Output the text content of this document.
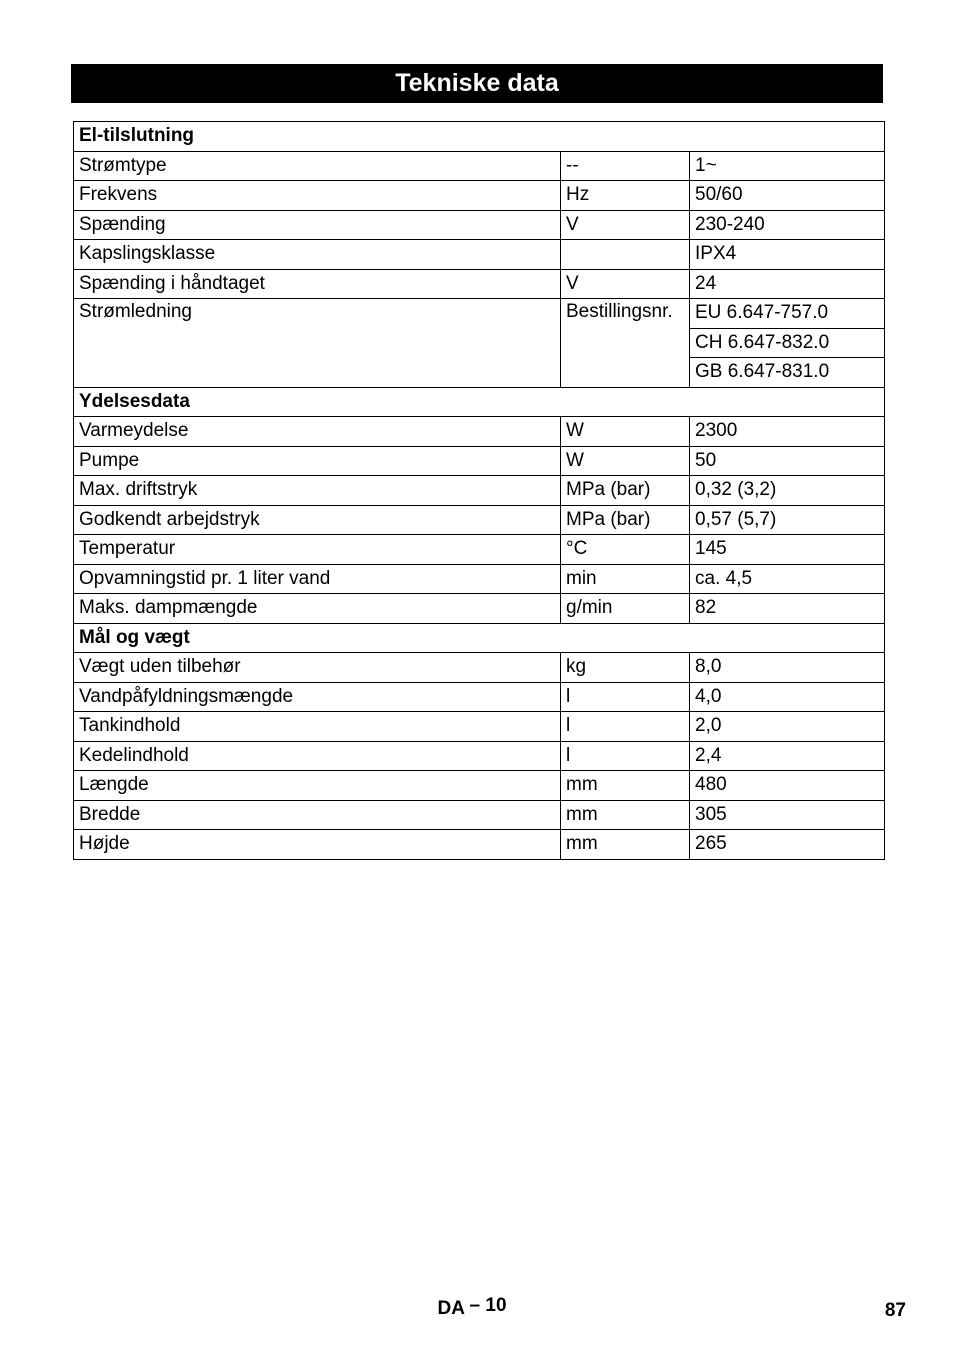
Tekniske data
El-tilslutning		
Strømtype	--	1~
Frekvens	Hz	50/60
Spænding	V	230-240
Kapslingsklasse		IPX4
Spænding i håndtaget	V	24
Strømledning	Bestillingsnr.	EU 6.647-757.0
		CH 6.647-832.0
		GB 6.647-831.0
Ydelsesdata		
Varmeydelse	W	2300
Pumpe	W	50
Max. driftstryk	MPa (bar)	0,32 (3,2)
Godkendt arbejdstryk	MPa (bar)	0,57 (5,7)
Temperatur	°C	145
Opvamningstid pr. 1 liter vand	min	ca. 4,5
Maks. dampmængde	g/min	82
Mål og vægt		
Vægt uden tilbehør	kg	8,0
Vandpåfyldningsmængde	l	4,0
Tankindhold	l	2,0
Kedelindhold	l	2,4
Længde	mm	480
Bredde	mm	305
Højde	mm	265
DA – 10	87
